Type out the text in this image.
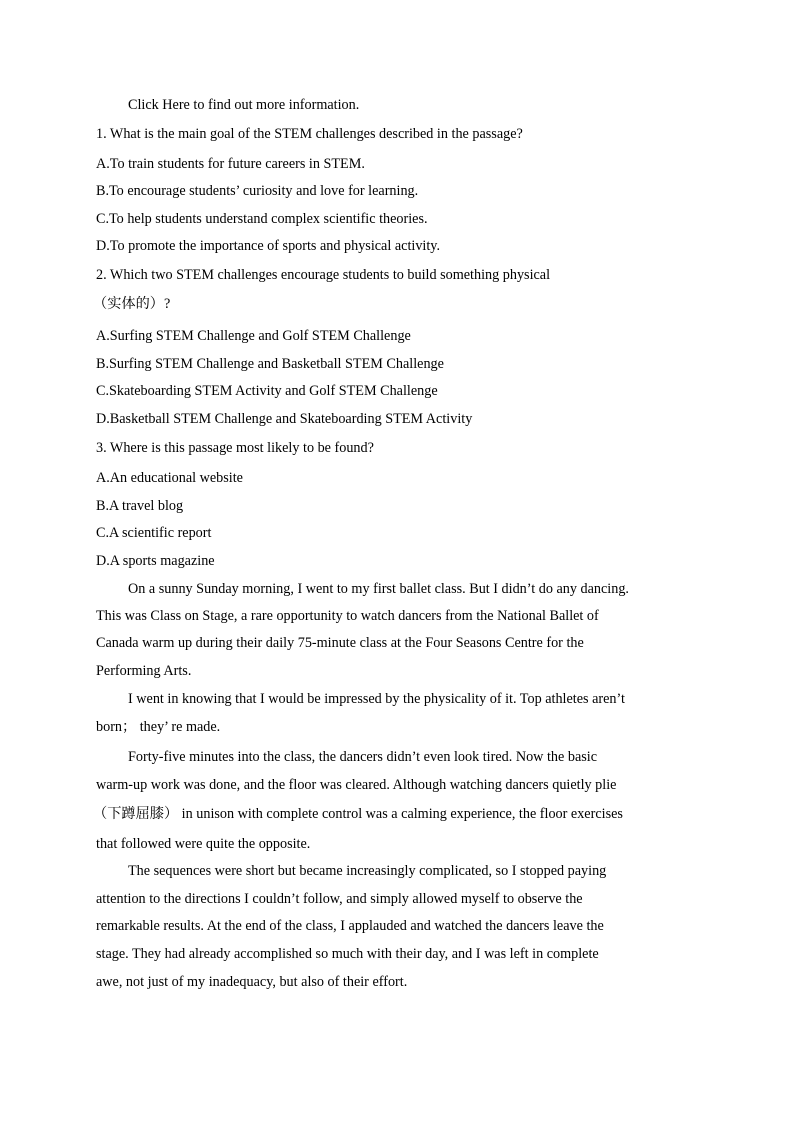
Click Here to find out more information.
1. What is the main goal of the STEM challenges described in the passage?
A.To train students for future careers in STEM.
B.To encourage students’ curiosity and love for learning.
C.To help students understand complex scientific theories.
D.To promote the importance of sports and physical activity.
2. Which two STEM challenges encourage students to build something physical
（实体的）?
A.Surfing STEM Challenge and Golf STEM Challenge
B.Surfing STEM Challenge and Basketball STEM Challenge
C.Skateboarding STEM Activity and Golf STEM Challenge
D.Basketball STEM Challenge and Skateboarding STEM Activity
3. Where is this passage most likely to be found?
A.An educational website
B.A travel blog
C.A scientific report
D.A sports magazine
On a sunny Sunday morning, I went to my first ballet class. But I didn’t do any dancing.
This was Class on Stage, a rare opportunity to watch dancers from the National Ballet of
Canada warm up during their daily 75-minute class at the Four Seasons Centre for the
Performing Arts.
I went in knowing that I would be impressed by the physicality of it. Top athletes aren’t
born； they’ re made.
Forty-five minutes into the class, the dancers didn’t even look tired. Now the basic
warm-up work was done, and the floor was cleared. Although watching dancers quietly plie
（下蹲屈膝） in unison with complete control was a calming experience, the floor exercises
that followed were quite the opposite.
The sequences were short but became increasingly complicated, so I stopped paying
attention to the directions I couldn’t follow, and simply allowed myself to observe the
remarkable results. At the end of the class, I applauded and watched the dancers leave the
stage. They had already accomplished so much with their day, and I was left in complete
awe, not just of my inadequacy, but also of their effort.
